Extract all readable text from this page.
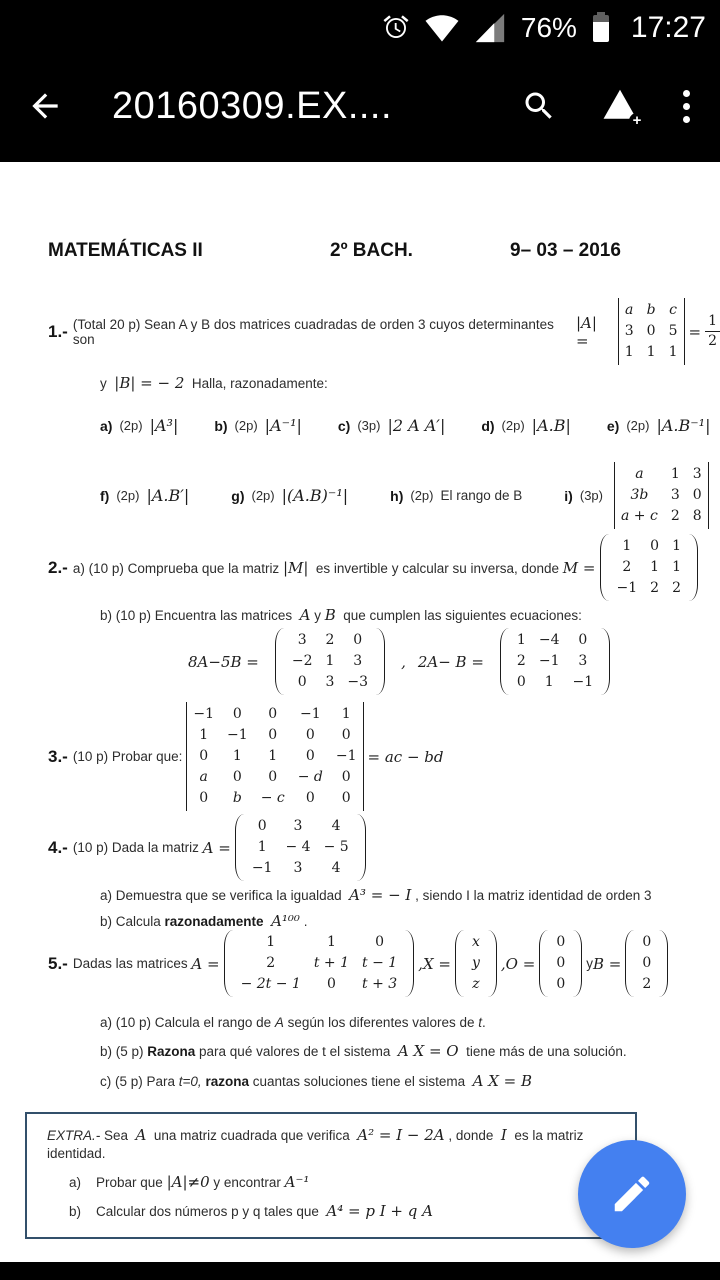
76% 17:27
20160309.EX....	+
MATEMÁTICAS II	2º BACH.	9– 03 – 2016
1.- (Total 20 p) Sean A y B dos matrices cuadradas de orden 3 cuyos determinantes son
|A| =
a b c
3 0 5
1 1 1
= $\frac{1}{2}$
y  |B| = − 2  Halla, razonadamente:
a) (2p) |A³|	b) (2p) |A⁻¹|	c) (3p) |2 A A′|	d) (2p) |A.B|	e) (2p) |A.B⁻¹|
f) (2p) |A.B′|	g) (2p) |(A.B)⁻¹|	h) (2p) El rango de B	i) (3p)
a	1 3
3b	3 0
a + c 2 8
2.- a) (10 p) Comprueba que la matriz |M|  es invertible y calcular su inversa, donde M =
1	0 1
2	1 1
−1 2 2
b) (10 p) Encuentra las matrices  A y B  que cumplen las siguientes ecuaciones:
8A−5B =
3	2	0
−2 1	3
0	3 −3
, 2A− B =
1 −4	0
2 −1	3
0	1	−1
3.- (10 p) Probar que:
−1	0	0	−1	1
1	−1	0	0	0
0	1	1	0	−1
a	0	0	− d	0
0	b	− c	0	0
= ac − bd
4.- (10 p) Dada la matriz A =
0	3	4
1	− 4 − 5
−1	3	4
a) Demuestra que se verifica la igualdad  A³ = − I , siendo I la matriz identidad de orden 3
b) Calcula razonadamente A¹⁰⁰ .
5.- Dadas las matrices A =
1	1	0
2	t + 1 t − 1
− 2t − 1	0	t + 3
, X =
x
y
z
, O =
0
0
0
y B =
0
0
2
a) (10 p) Calcula el rango de A según los diferentes valores de t.
b) (5 p) Razona para qué valores de t el sistema  A X = O  tiene más de una solución.
c) (5 p) Para t=0, razona cuantas soluciones tiene el sistema  A X = B
EXTRA.- Sea  A  una matriz cuadrada que verifica  A² = I − 2A , donde  I  es la matriz identidad.
a)    Probar que |A|≠0 y encontrar A⁻¹
b)    Calcular dos números p y q tales que  A⁴ = p I + q A
